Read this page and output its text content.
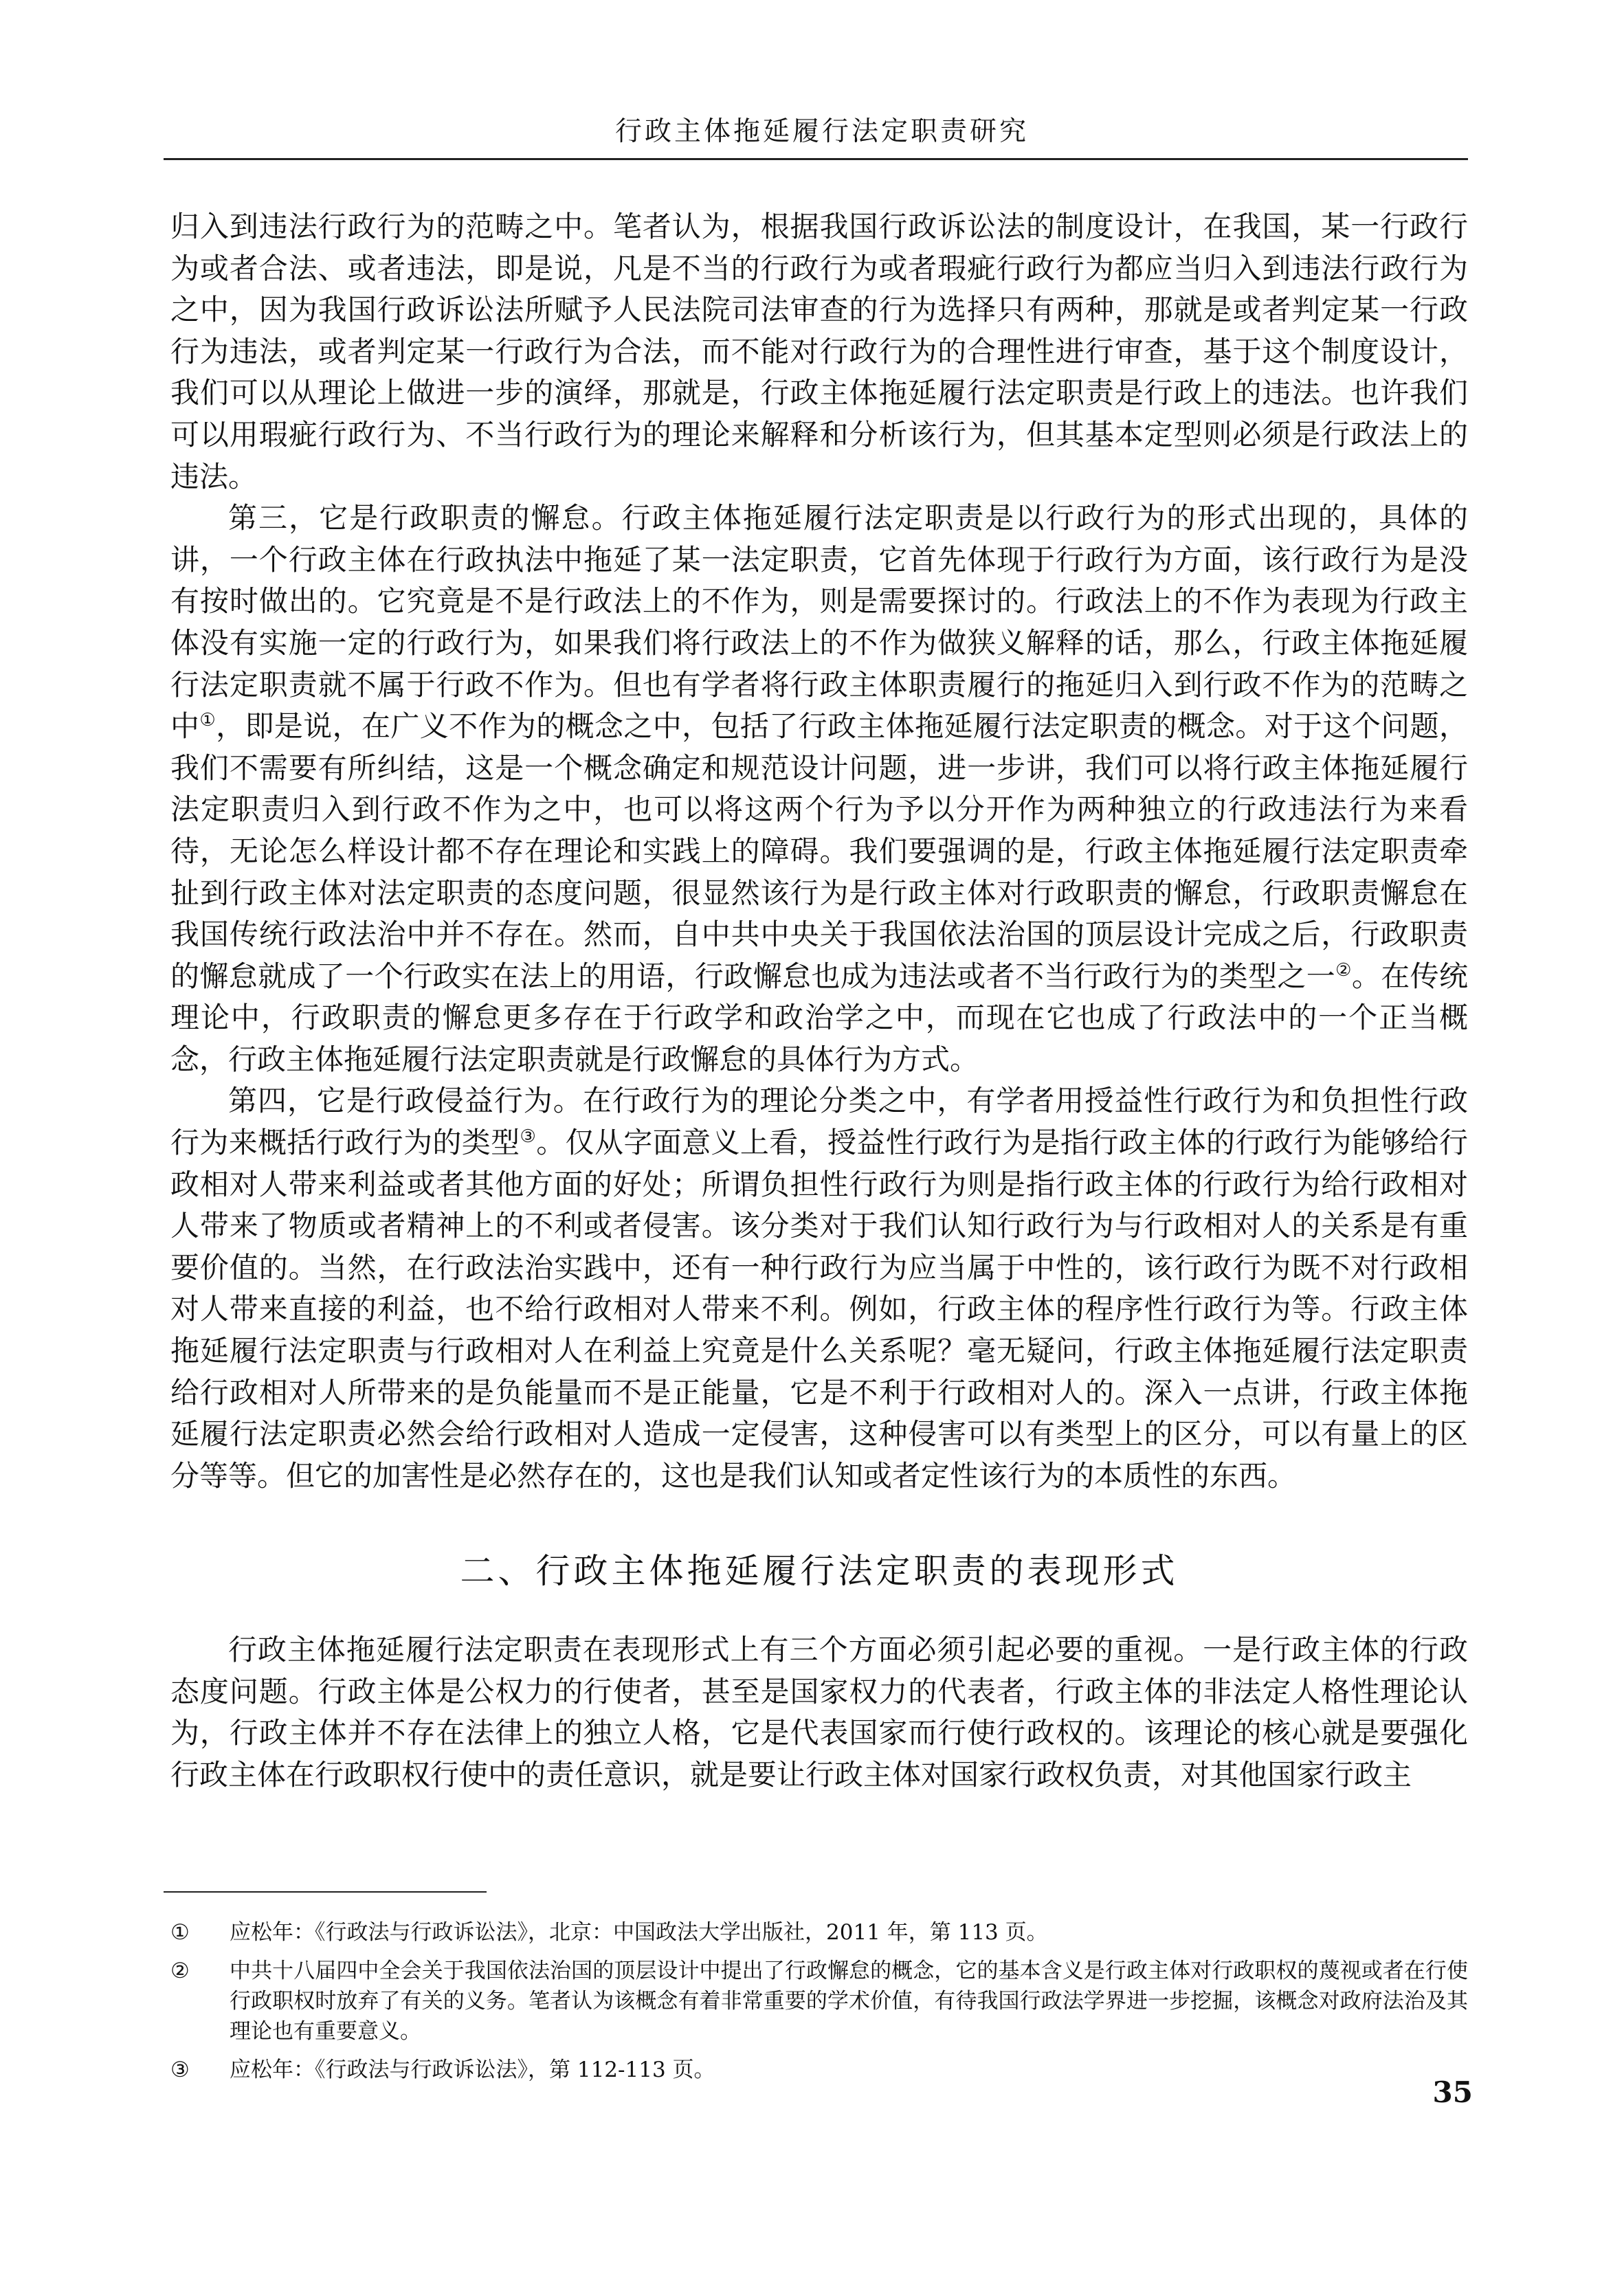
行政主体拖延履行法定职责研究

归入到违法行政行为的范畴之中。笔者认为，根据我国行政诉讼法的制度设计，在我国，某一行政行为或者合法、或者违法，即是说，凡是不当的行政行为或者瑕疵行政行为都应当归入到违法行政行为之中，因为我国行政诉讼法所赋予人民法院司法审查的行为选择只有两种，那就是或者判定某一行政行为违法，或者判定某一行政行为合法，而不能对行政行为的合理性进行审查，基于这个制度设计，我们可以从理论上做进一步的演绎，那就是，行政主体拖延履行法定职责是行政上的违法。也许我们可以用瑕疵行政行为、不当行政行为的理论来解释和分析该行为，但其基本定型则必须是行政法上的违法。

第三，它是行政职责的懈怠。行政主体拖延履行法定职责是以行政行为的形式出现的，具体的讲，一个行政主体在行政执法中拖延了某一法定职责，它首先体现于行政行为方面，该行政行为是没有按时做出的。它究竟是不是行政法上的不作为，则是需要探讨的。行政法上的不作为表现为行政主体没有实施一定的行政行为，如果我们将行政法上的不作为做狭义解释的话，那么，行政主体拖延履行法定职责就不属于行政不作为。但也有学者将行政主体职责履行的拖延归入到行政不作为的范畴之中①，即是说，在广义不作为的概念之中，包括了行政主体拖延履行法定职责的概念。对于这个问题，我们不需要有所纠结，这是一个概念确定和规范设计问题，进一步讲，我们可以将行政主体拖延履行法定职责归入到行政不作为之中，也可以将这两个行为予以分开作为两种独立的行政违法行为来看待，无论怎么样设计都不存在理论和实践上的障碍。我们要强调的是，行政主体拖延履行法定职责牵扯到行政主体对法定职责的态度问题，很显然该行为是行政主体对行政职责的懈怠，行政职责懈怠在我国传统行政法治中并不存在。然而，自中共中央关于我国依法治国的顶层设计完成之后，行政职责的懈怠就成了一个行政实在法上的用语，行政懈怠也成为违法或者不当行政行为的类型之一②。在传统理论中，行政职责的懈怠更多存在于行政学和政治学之中，而现在它也成了行政法中的一个正当概念，行政主体拖延履行法定职责就是行政懈怠的具体行为方式。

第四，它是行政侵益行为。在行政行为的理论分类之中，有学者用授益性行政行为和负担性行政行为来概括行政行为的类型③。仅从字面意义上看，授益性行政行为是指行政主体的行政行为能够给行政相对人带来利益或者其他方面的好处；所谓负担性行政行为则是指行政主体的行政行为给行政相对人带来了物质或者精神上的不利或者侵害。该分类对于我们认知行政行为与行政相对人的关系是有重要价值的。当然，在行政法治实践中，还有一种行政行为应当属于中性的，该行政行为既不对行政相对人带来直接的利益，也不给行政相对人带来不利。例如，行政主体的程序性行政行为等。行政主体拖延履行法定职责与行政相对人在利益上究竟是什么关系呢？毫无疑问，行政主体拖延履行法定职责给行政相对人所带来的是负能量而不是正能量，它是不利于行政相对人的。深入一点讲，行政主体拖延履行法定职责必然会给行政相对人造成一定侵害，这种侵害可以有类型上的区分，可以有量上的区分等等。但它的加害性是必然存在的，这也是我们认知或者定性该行为的本质性的东西。

二、行政主体拖延履行法定职责的表现形式

行政主体拖延履行法定职责在表现形式上有三个方面必须引起必要的重视。一是行政主体的行政态度问题。行政主体是公权力的行使者，甚至是国家权力的代表者，行政主体的非法定人格性理论认为，行政主体并不存在法律上的独立人格，它是代表国家而行使行政权的。该理论的核心就是要强化行政主体在行政职权行使中的责任意识，就是要让行政主体对国家行政权负责，对其他国家行政主

①	应松年：《行政法与行政诉讼法》，北京：中国政法大学出版社，2011 年，第 113 页。
②	中共十八届四中全会关于我国依法治国的顶层设计中提出了行政懈怠的概念，它的基本含义是行政主体对行政职权的蔑视或者在行使行政职权时放弃了有关的义务。笔者认为该概念有着非常重要的学术价值，有待我国行政法学界进一步挖掘，该概念对政府法治及其理论也有重要意义。
③	应松年：《行政法与行政诉讼法》，第 112-113 页。
35
